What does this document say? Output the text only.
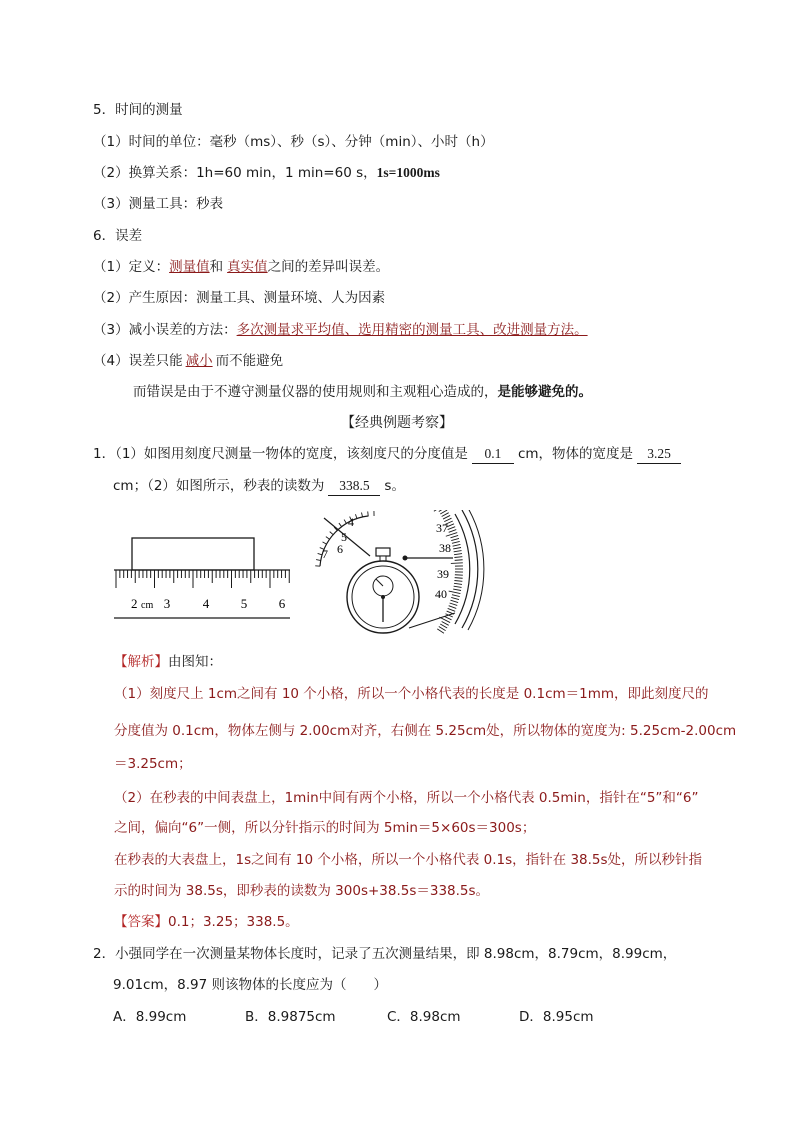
5．时间的测量
（1）时间的单位：毫秒（ms）、秒（s）、分钟（min）、小时（h）
（2）换算关系：1h=60 min，1 min=60 s，1s=1000ms
（3）测量工具：秒表
6．误差
（1）定义：测量值和 真实值之间的差异叫误差。
（2）产生原因：测量工具、测量环境、人为因素
（3）减小误差的方法：多次测量求平均值、选用精密的测量工具、改进测量方法。
（4）误差只能 减小 而不能避免
而错误是由于不遵守测量仪器的使用规则和主观粗心造成的，是能够避免的。
【经典例题考察】
1．（1）如图用刻度尺测量一物体的宽度，该刻度尺的分度值是 0.1 cm，物体的宽度是 3.25
cm；（2）如图所示，秒表的读数为 338.5 s。
2 cm 3	4 5 6
4
5
6
7
37
38
39
40
【解析】由图知：
（1）刻度尺上 1cm之间有 10 个小格，所以一个小格代表的长度是 0.1cm＝1mm，即此刻度尺的
分度值为 0.1cm，物体左侧与 2.00cm对齐，右侧在 5.25cm处，所以物体的宽度为: 5.25cm-2.00cm
＝3.25cm；
（2）在秒表的中间表盘上，1min中间有两个小格，所以一个小格代表 0.5min，指针在“5”和“6”
之间，偏向“6”一侧，所以分针指示的时间为 5min＝5×60s＝300s；
在秒表的大表盘上，1s之间有 10 个小格，所以一个小格代表 0.1s，指针在 38.5s处，所以秒针指
示的时间为 38.5s，即秒表的读数为 300s+38.5s＝338.5s。
【答案】0.1；3.25；338.5。
2．小强同学在一次测量某物体长度时，记录了五次测量结果，即 8.98cm，8.79cm，8.99cm，
9.01cm，8.97 则该物体的长度应为（　　）
A．8.99cm	B．8.9875cm	C．8.98cm	D．8.95cm
